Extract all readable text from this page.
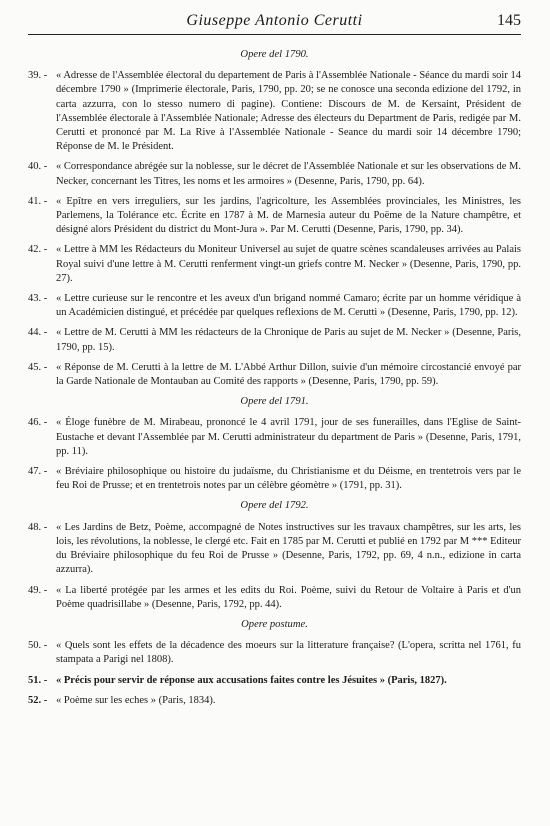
Giuseppe Antonio Cerutti	145
Opere del 1790.
39. - « Adresse de l'Assemblée électoral du departement de Paris à l'Assemblée Nationale - Séance du mardi soir 14 décembre 1790 » (Imprimerie électorale, Paris, 1790, pp. 20; se ne conosce una seconda edizione del 1792, in carta azzurra, con lo stesso numero di pagine). Contiene: Discours de M. de Kersaint, Président de l'Assemblée électorale à l'Assemblée Nationale; Adresse des électeurs du Department de Paris, redigée par M. Cerutti et prononcé par M. La Rive à l'Assemblée Nationale - Seance du mardi soir 14 décembre 1790; Réponse de M. le Président.
40. - « Correspondance abrégée sur la noblesse, sur le décret de l'Assemblée Nationale et sur les observations de M. Necker, concernant les Titres, les noms et les armoires » (Desenne, Paris, 1790, pp. 64).
41. - « Epître en vers irreguliers, sur les jardins, l'agricolture, les Assemblées provinciales, les Ministres, les Parlemens, la Tolérance etc. Écrite en 1787 à M. de Marnesia auteur du Poëme de la Nature champêtre, et désigné alors Président du district du Mont-Jura ». Par M. Cerutti (Desenne, Paris, 1790, pp. 34).
42. - « Lettre à MM les Rédacteurs du Moniteur Universel au sujet de quatre scènes scandaleuses arrivées au Palais Royal suivi d'une lettre à M. Cerutti renferment vingt-un griefs contre M. Necker » (Desenne, Paris, 1790, pp. 27).
43. - « Lettre curieuse sur le rencontre et les aveux d'un brigand nommé Camaro; écrite par un homme véridique à un Académicien distingué, et précédée par quelques reflexions de M. Cerutti » (Desenne, Paris, 1790, pp. 12).
44. - « Lettre de M. Cerutti à MM les rédacteurs de la Chronique de Paris au sujet de M. Necker » (Desenne, Paris, 1790, pp. 15).
45. - « Réponse de M. Cerutti à la lettre de M. L'Abbé Arthur Dillon, suivie d'un mémoire circostancié envoyé par la Garde Nationale de Montauban au Comité des rapports » (Desenne, Paris, 1790, pp. 59).
Opere del 1791.
46. - « Éloge funèbre de M. Mirabeau, prononcé le 4 avril 1791, jour de ses funerailles, dans l'Eglise de Saint-Eustache et devant l'Assemblée par M. Cerutti administrateur du department de Paris » (Desenne, Paris, 1791, pp. 11).
47. - « Bréviaire philosophique ou histoire du judaïsme, du Christianisme et du Déisme, en trentetrois vers par le feu Roi de Prusse; et en trentetrois notes par un célèbre géomètre » (1791, pp. 31).
Opere del 1792.
48. - « Les Jardins de Betz, Poème, accompagné de Notes instructives sur les travaux champêtres, sur les arts, les lois, les révolutions, la noblesse, le clergé etc. Fait en 1785 par M. Cerutti et publié en 1792 par M *** Editeur du Bréviaire philosophique du feu Roi de Prusse » (Desenne, Paris, 1792, pp. 69, 4 n.n., edizione in carta azzurra).
49. - « La liberté protégée par les armes et les edits du Roi. Poème, suivi du Retour de Voltaire à Paris et d'un Poème quadrisillabe » (Desenne, Paris, 1792, pp. 44).
Opere postume.
50. - « Quels sont les effets de la décadence des moeurs sur la litterature française? (L'opera, scritta nel 1761, fu stampata a Parigi nel 1808).
51. - « Précis pour servir de réponse aux accusations faites contre les Jésuites » (Paris, 1827).
52. - « Poème sur les eches » (Paris, 1834).
